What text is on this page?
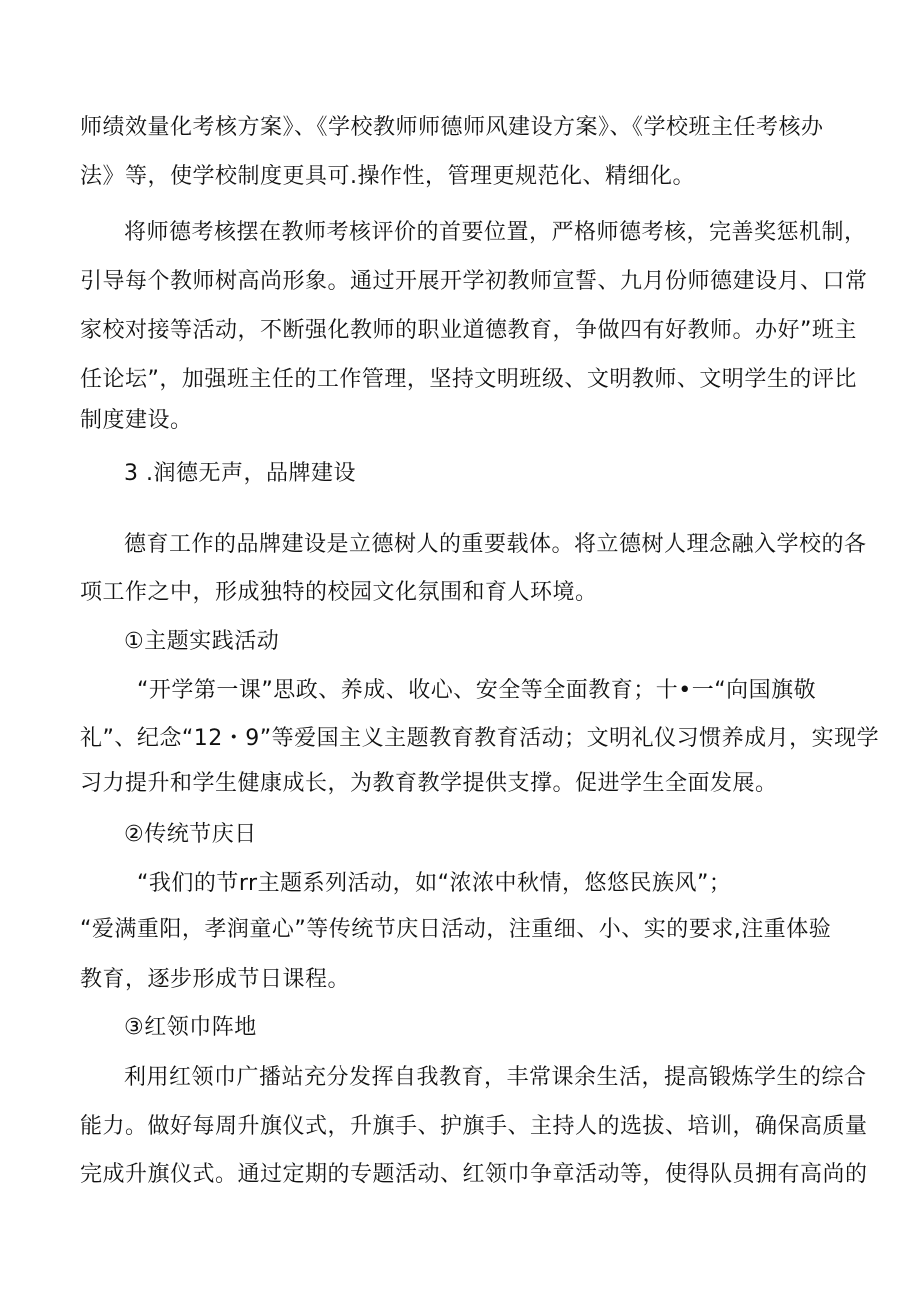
师绩效量化考核方案》、《学校教师师德师风建设方案》、《学校班主任考核办
法》等，使学校制度更具可.操作性，管理更规范化、精细化。
将师德考核摆在教师考核评价的首要位置，严格师德考核，完善奖惩机制，
引导每个教师树高尚形象。通过开展开学初教师宣誓、九月份师德建设月、口常
家校对接等活动，不断强化教师的职业道德教育，争做四有好教师。办好”班主
任论坛”，加强班主任的工作管理，坚持文明班级、文明教师、文明学生的评比
制度建设。
3 .润德无声，品牌建设
德育工作的品牌建设是立德树人的重要载体。将立德树人理念融入学校的各
项工作之中，形成独特的校园文化氛围和育人环境。
①主题实践活动
“开学第一课”思政、养成、收心、安全等全面教育；十•一“向国旗敬
礼”、纪念“12・9”等爱国主义主题教育教育活动；文明礼仪习惯养成月，实现学
习力提升和学生健康成长，为教育教学提供支撑。促进学生全面发展。
②传统节庆日
“我们的节rr主题系列活动，如“浓浓中秋情，悠悠民族风”；
“爱满重阳，孝润童心”等传统节庆日活动，注重细、小、实的要求,注重体验
教育，逐步形成节日课程。
③红领巾阵地
利用红领巾广播站充分发挥自我教育，丰常课余生活，提高锻炼学生的综合
能力。做好每周升旗仪式，升旗手、护旗手、主持人的选拔、培训，确保高质量
完成升旗仪式。通过定期的专题活动、红领巾争章活动等，使得队员拥有高尚的
